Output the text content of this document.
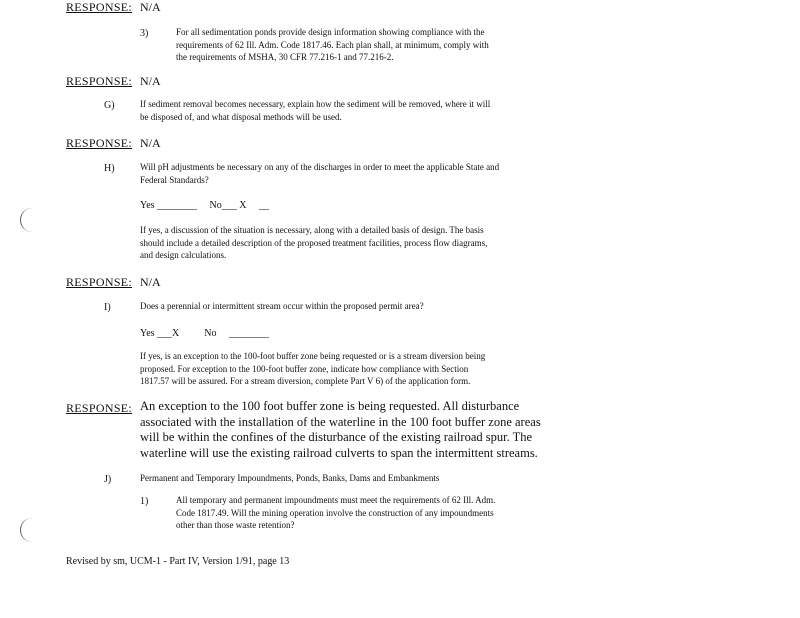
RESPONSE: N/A
3)	For all sedimentation ponds provide design information showing compliance with the
requirements of 62 Ill. Adm. Code 1817.46. Each plan shall, at minimum, comply with
the requirements of MSHA, 30 CFR 77.216-1 and 77.216-2.
RESPONSE: N/A
G)	If sediment removal becomes necessary, explain how the sediment will be removed, where it will
be disposed of, and what disposal methods will be used.
RESPONSE: N/A
H)	Will pH adjustments be necessary on any of the discharges in order to meet the applicable State and
Federal Standards?
Yes ________     No___ X     __
If yes, a discussion of the situation is necessary, along with a detailed basis of design. The basis
should include a detailed description of the proposed treatment facilities, process flow diagrams,
and design calculations.
RESPONSE: N/A
I)	Does a perennial or intermittent stream occur within the proposed permit area?
Yes ___X          No     ________
If yes, is an exception to the 100-foot buffer zone being requested or is a stream diversion being
proposed. For exception to the 100-foot buffer zone, indicate how compliance with Section
1817.57 will be assured. For a stream diversion, complete Part V 6) of the application form.
RESPONSE: An exception to the 100 foot buffer zone is being requested. All disturbance
associated with the installation of the waterline in the 100 foot buffer zone areas
will be within the confines of the disturbance of the existing railroad spur. The
waterline will use the existing railroad culverts to span the intermittent streams.
J)	Permanent and Temporary Impoundments, Ponds, Banks, Dams and Embankments
1)	All temporary and permanent impoundments must meet the requirements of 62 Ill. Adm.
Code 1817.49. Will the mining operation involve the construction of any impoundments
other than those waste retention?
Revised by sm, UCM-1 - Part IV, Version 1/91, page 13
